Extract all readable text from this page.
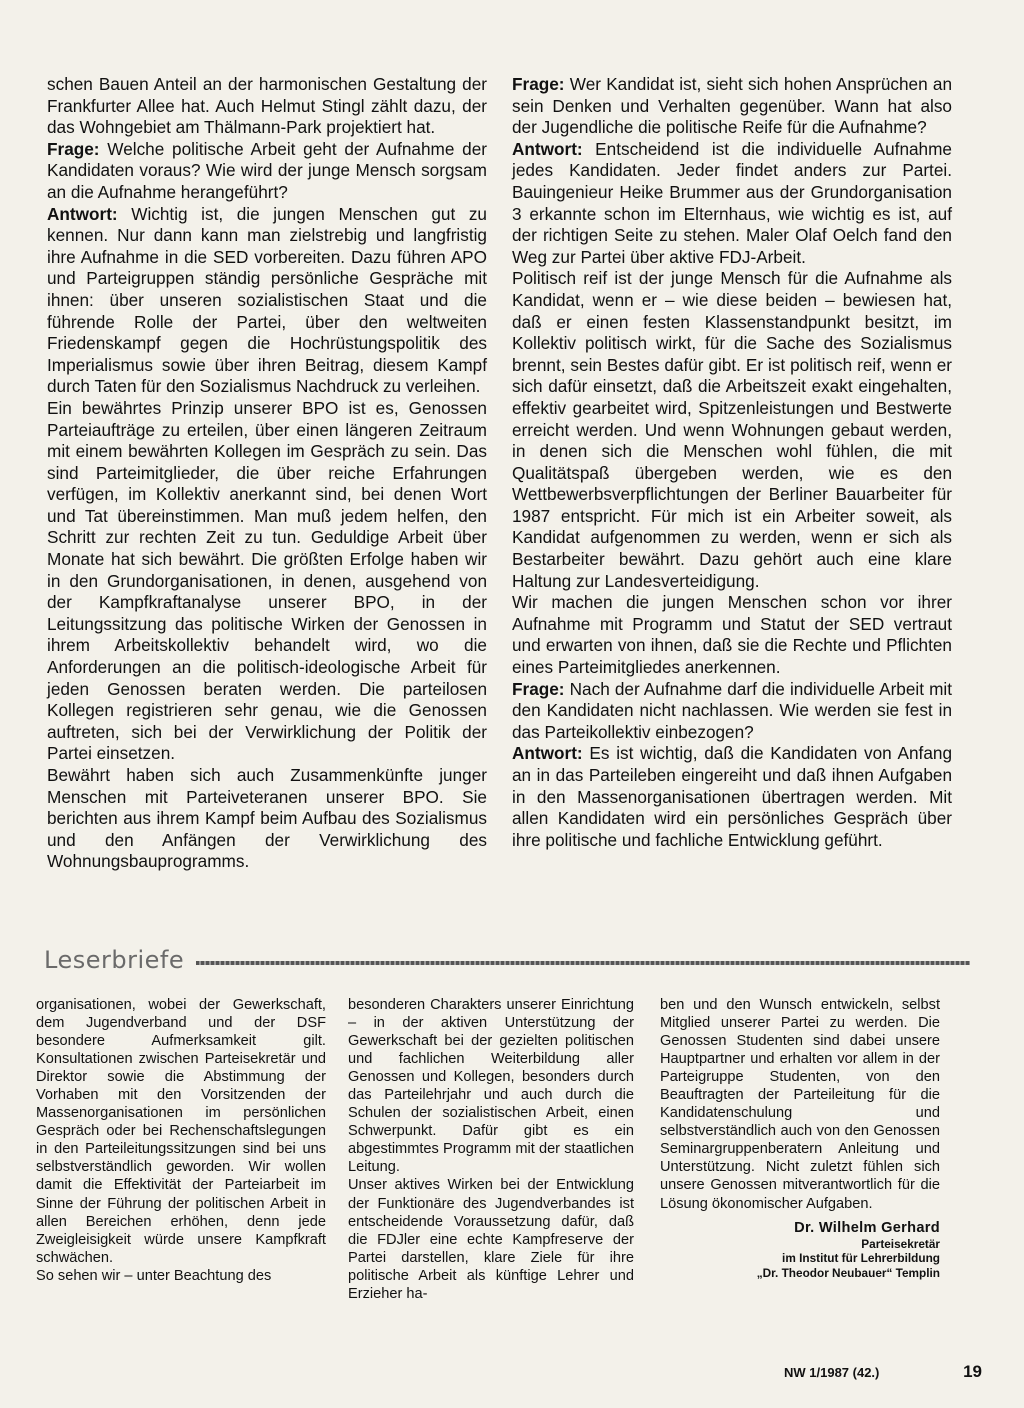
schen Bauen Anteil an der harmonischen Gestaltung der Frankfurter Allee hat. Auch Helmut Stingl zählt dazu, der das Wohngebiet am Thälmann-Park projektiert hat.

Frage: Welche politische Arbeit geht der Aufnahme der Kandidaten voraus? Wie wird der junge Mensch sorgsam an die Aufnahme herangeführt?

Antwort: Wichtig ist, die jungen Menschen gut zu kennen. Nur dann kann man zielstrebig und langfristig ihre Aufnahme in die SED vorbereiten. Dazu führen APO und Parteigruppen ständig persönliche Gespräche mit ihnen: über unseren sozialistischen Staat und die führende Rolle der Partei, über den weltweiten Friedenskampf gegen die Hochrüstungspolitik des Imperialismus sowie über ihren Beitrag, diesem Kampf durch Taten für den Sozialismus Nachdruck zu verleihen.

Ein bewährtes Prinzip unserer BPO ist es, Genossen Parteiaufträge zu erteilen, über einen längeren Zeitraum mit einem bewährten Kollegen im Gespräch zu sein. Das sind Parteimitglieder, die über reiche Erfahrungen verfügen, im Kollektiv anerkannt sind, bei denen Wort und Tat übereinstimmen. Man muß jedem helfen, den Schritt zur rechten Zeit zu tun. Geduldige Arbeit über Monate hat sich bewährt. Die größten Erfolge haben wir in den Grundorganisationen, in denen, ausgehend von der Kampfkraftanalyse unserer BPO, in der Leitungssitzung das politische Wirken der Genossen in ihrem Arbeitskollektiv behandelt wird, wo die Anforderungen an die politisch-ideologische Arbeit für jeden Genossen beraten werden. Die parteilosen Kollegen registrieren sehr genau, wie die Genossen auftreten, sich bei der Verwirklichung der Politik der Partei einsetzen.

Bewährt haben sich auch Zusammenkünfte junger Menschen mit Parteiveteranen unserer BPO. Sie berichten aus ihrem Kampf beim Aufbau des Sozialismus und den Anfängen der Verwirklichung des Wohnungsbauprogramms.

Frage: Wer Kandidat ist, sieht sich hohen Ansprüchen an sein Denken und Verhalten gegenüber. Wann hat also der Jugendliche die politische Reife für die Aufnahme?

Antwort: Entscheidend ist die individuelle Aufnahme jedes Kandidaten. Jeder findet anders zur Partei. Bauingenieur Heike Brummer aus der Grundorganisation 3 erkannte schon im Elternhaus, wie wichtig es ist, auf der richtigen Seite zu stehen. Maler Olaf Oelch fand den Weg zur Partei über aktive FDJ-Arbeit.

Politisch reif ist der junge Mensch für die Aufnahme als Kandidat, wenn er – wie diese beiden – bewiesen hat, daß er einen festen Klassenstandpunkt besitzt, im Kollektiv politisch wirkt, für die Sache des Sozialismus brennt, sein Bestes dafür gibt. Er ist politisch reif, wenn er sich dafür einsetzt, daß die Arbeitszeit exakt eingehalten, effektiv gearbeitet wird, Spitzenleistungen und Bestwerte erreicht werden. Und wenn Wohnungen gebaut werden, in denen sich die Menschen wohl fühlen, die mit Qualitätspaß übergeben werden, wie es den Wettbewerbsverpflichtungen der Berliner Bauarbeiter für 1987 entspricht. Für mich ist ein Arbeiter soweit, als Kandidat aufgenommen zu werden, wenn er sich als Bestarbeiter bewährt. Dazu gehört auch eine klare Haltung zur Landesverteidigung.

Wir machen die jungen Menschen schon vor ihrer Aufnahme mit Programm und Statut der SED vertraut und erwarten von ihnen, daß sie die Rechte und Pflichten eines Parteimitgliedes anerkennen.

Frage: Nach der Aufnahme darf die individuelle Arbeit mit den Kandidaten nicht nachlassen. Wie werden sie fest in das Parteikollektiv einbezogen?

Antwort: Es ist wichtig, daß die Kandidaten von Anfang an in das Parteileben eingereiht und daß ihnen Aufgaben in den Massenorganisationen übertragen werden. Mit allen Kandidaten wird ein persönliches Gespräch über ihre politische und fachliche Entwicklung geführt.

Leserbriefe

organisationen, wobei der Gewerkschaft, dem Jugendverband und der DSF besondere Aufmerksamkeit gilt. Konsultationen zwischen Parteisekretär und Direktor sowie die Abstimmung der Vorhaben mit den Vorsitzenden der Massenorganisationen im persönlichen Gespräch oder bei Rechenschaftslegungen in den Parteileitungssitzungen sind bei uns selbstverständlich geworden. Wir wollen damit die Effektivität der Parteiarbeit im Sinne der Führung der politischen Arbeit in allen Bereichen erhöhen, denn jede Zweigleisigkeit würde unsere Kampfkraft schwächen.

So sehen wir – unter Beachtung des

besonderen Charakters unserer Einrichtung – in der aktiven Unterstützung der Gewerkschaft bei der gezielten politischen und fachlichen Weiterbildung aller Genossen und Kollegen, besonders durch das Parteilehrjahr und auch durch die Schulen der sozialistischen Arbeit, einen Schwerpunkt. Dafür gibt es ein abgestimmtes Programm mit der staatlichen Leitung.

Unser aktives Wirken bei der Entwicklung der Funktionäre des Jugendverbandes ist entscheidende Voraussetzung dafür, daß die FDJler eine echte Kampfreserve der Partei darstellen, klare Ziele für ihre politische Arbeit als künftige Lehrer und Erzieher ha-

ben und den Wunsch entwickeln, selbst Mitglied unserer Partei zu werden. Die Genossen Studenten sind dabei unsere Hauptpartner und erhalten vor allem in der Parteigruppe Studenten, von den Beauftragten der Parteileitung für die Kandidatenschulung und selbstverständlich auch von den Genossen Seminargruppenberatern Anleitung und Unterstützung. Nicht zuletzt fühlen sich unsere Genossen mitverantwortlich für die Lösung ökonomischer Aufgaben.

Dr. Wilhelm Gerhard
Parteisekretär
im Institut für Lehrerbildung
„Dr. Theodor Neubauer“ Templin
NW 1/1987 (42.)	19
